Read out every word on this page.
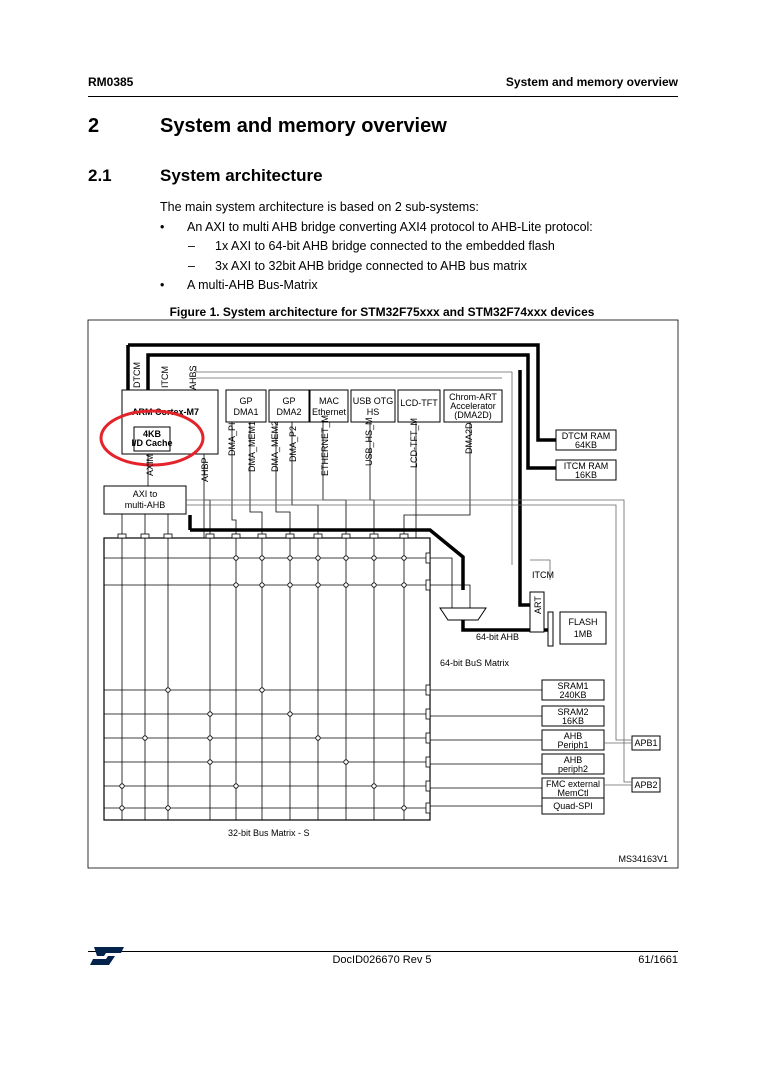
RM0385	System and memory overview
2	System and memory overview
2.1	System architecture

The main system architecture is based on 2 sub-systems:

• An AXI to multi AHB bridge converting AXI4 protocol to AHB-Lite protocol:

– 1x AXI to 64-bit AHB bridge connected to the embedded flash

– 3x AXI to 32bit AHB bridge connected to AHB bus matrix

• A multi-AHB Bus-Matrix

Figure 1. System architecture for STM32F75xxx and STM32F74xxx devices
ARM Cortex-M7
4KB
I/D Cache
DTCM ITCM AHBS
AXIM	AHBP
GP
DMA1
GP
DMA2
MAC
Ethernet
USB OTG
HS
LCD-TFT
Chrom-ART
Accelerator
(DMA2D)
DMA_PI DMA_MEM1 DMA_MEM2 DMA_P2 ETHERNET_M	USB_HS_M	LCD-TFT_M	DMA2D
AXI to
multi-AHB
DTCM RAM
64KB
ITCM RAM
16KB
32-bit Bus Matrix - S
64-bit AHB
64-bit BuS Matrix
ITCM
ART
FLASH
1MB
SRAM1
240KB
SRAM2
16KB
AHB
Periph1
AHB
periph2
FMC external
MemCtl
Quad-SPI
APB1
APB2
MS34163V1
DocID026670 Rev 5	61/1661
